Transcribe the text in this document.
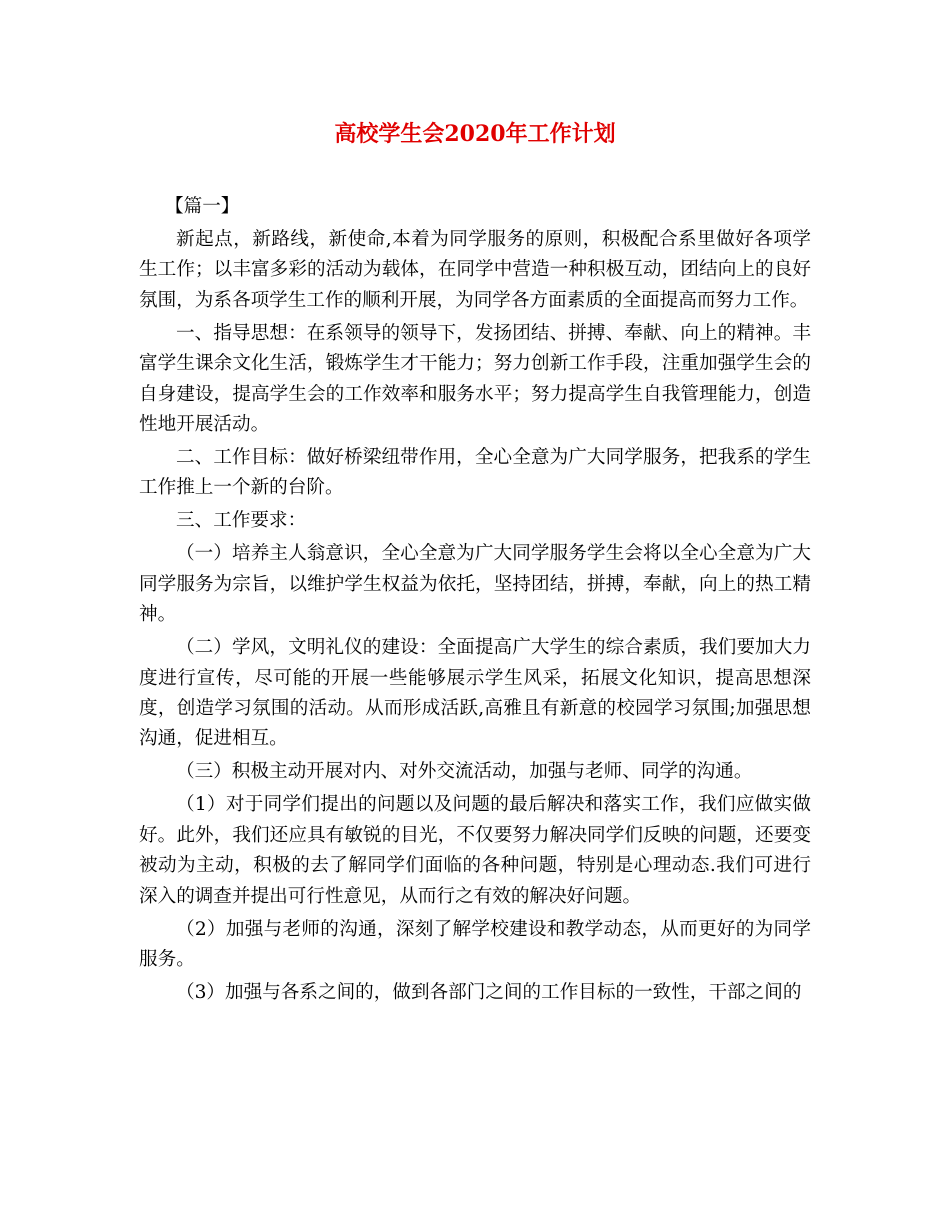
高校学生会2020年工作计划

【篇一】

新起点，新路线，新使命,本着为同学服务的原则，积极配合系里做好各项学生工作；以丰富多彩的活动为载体，在同学中营造一种积极互动，团结向上的良好氛围，为系各项学生工作的顺利开展，为同学各方面素质的全面提高而努力工作。

一、指导思想：在系领导的领导下，发扬团结、拼搏、奉献、向上的精神。丰富学生课余文化生活，锻炼学生才干能力；努力创新工作手段，注重加强学生会的自身建设，提高学生会的工作效率和服务水平；努力提高学生自我管理能力，创造性地开展活动。

二、工作目标：做好桥梁纽带作用，全心全意为广大同学服务，把我系的学生工作推上一个新的台阶。

三、工作要求：

（一）培养主人翁意识，全心全意为广大同学服务学生会将以全心全意为广大同学服务为宗旨，以维护学生权益为依托，坚持团结，拼搏，奉献，向上的热工精神。

（二）学风，文明礼仪的建设：全面提高广大学生的综合素质，我们要加大力度进行宣传，尽可能的开展一些能够展示学生风采，拓展文化知识，提高思想深度，创造学习氛围的活动。从而形成活跃,高雅且有新意的校园学习氛围;加强思想沟通，促进相互。

（三）积极主动开展对内、对外交流活动，加强与老师、同学的沟通。

（1）对于同学们提出的问题以及问题的最后解决和落实工作，我们应做实做好。此外，我们还应具有敏锐的目光，不仅要努力解决同学们反映的问题，还要变被动为主动，积极的去了解同学们面临的各种问题，特别是心理动态.我们可进行深入的调查并提出可行性意见，从而行之有效的解决好问题。

（2）加强与老师的沟通，深刻了解学校建设和教学动态，从而更好的为同学服务。

（3）加强与各系之间的，做到各部门之间的工作目标的一致性，干部之间的
